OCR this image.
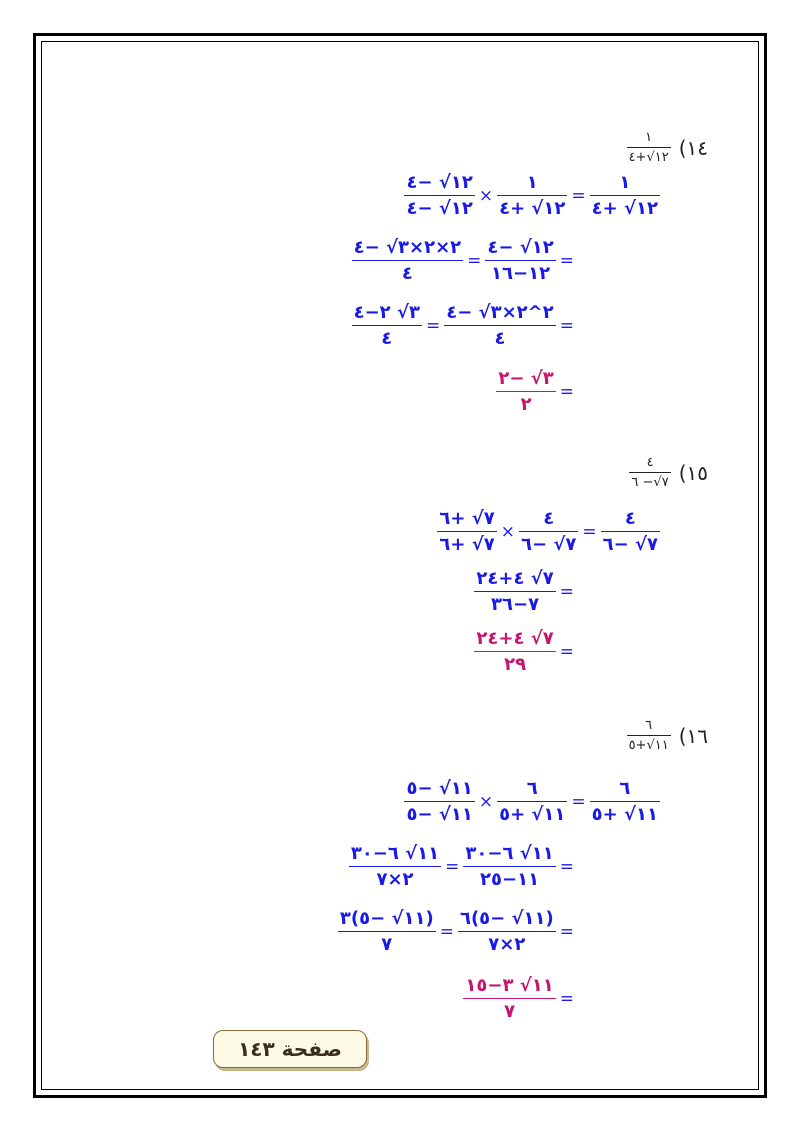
(١٤
$\frac{١}{١٢√+٤}$
$\frac{١}{١٢√ +٤}$
=
$\frac{١}{١٢√ +٤}$
×
$\frac{١٢√ -٤}{١٢√ -٤}$
=
$\frac{١٢√ -٤}{١٢-١٦}$
=
$\frac{٢\times ٢\times ٣√ -٤}{٤}$
=
$\frac{٢\^{}٢\times ٣√ -٤}{٤}$
=
$\frac{٣√ ٢-٤}{٤}$
=
$\frac{٣√ -٢}{٢}$
(١٥
$\frac{٤}{٧√- ٦}$
$\frac{٤}{٧√ -٦}$
=
$\frac{٤}{٧√ -٦}$
×
$\frac{٧√ +٦}{٧√ +٦}$
=
$\frac{٧√ ٤+٢٤}{٧-٣٦}$
=
$\frac{٧√ ٤+٢٤}{٢٩}$
(١٦
$\frac{٦}{١١√+٥}$
$\frac{٦}{١١√ +٥}$
=
$\frac{٦}{١١√ +٥}$
×
$\frac{١١√ -٥}{١١√ -٥}$
=
$\frac{١١√ ٦-٣٠}{١١-٢٥}$
=
$\frac{١١√ ٦-٣٠}{٢\times ٧}$
=
$\frac{(١١√ -٥)٦}{٢\times ٧}$
=
$\frac{(١١√ -٥)٣}{٧}$
=
$\frac{١١√ ٣-١٥}{٧}$
صفحة ١٤٣
